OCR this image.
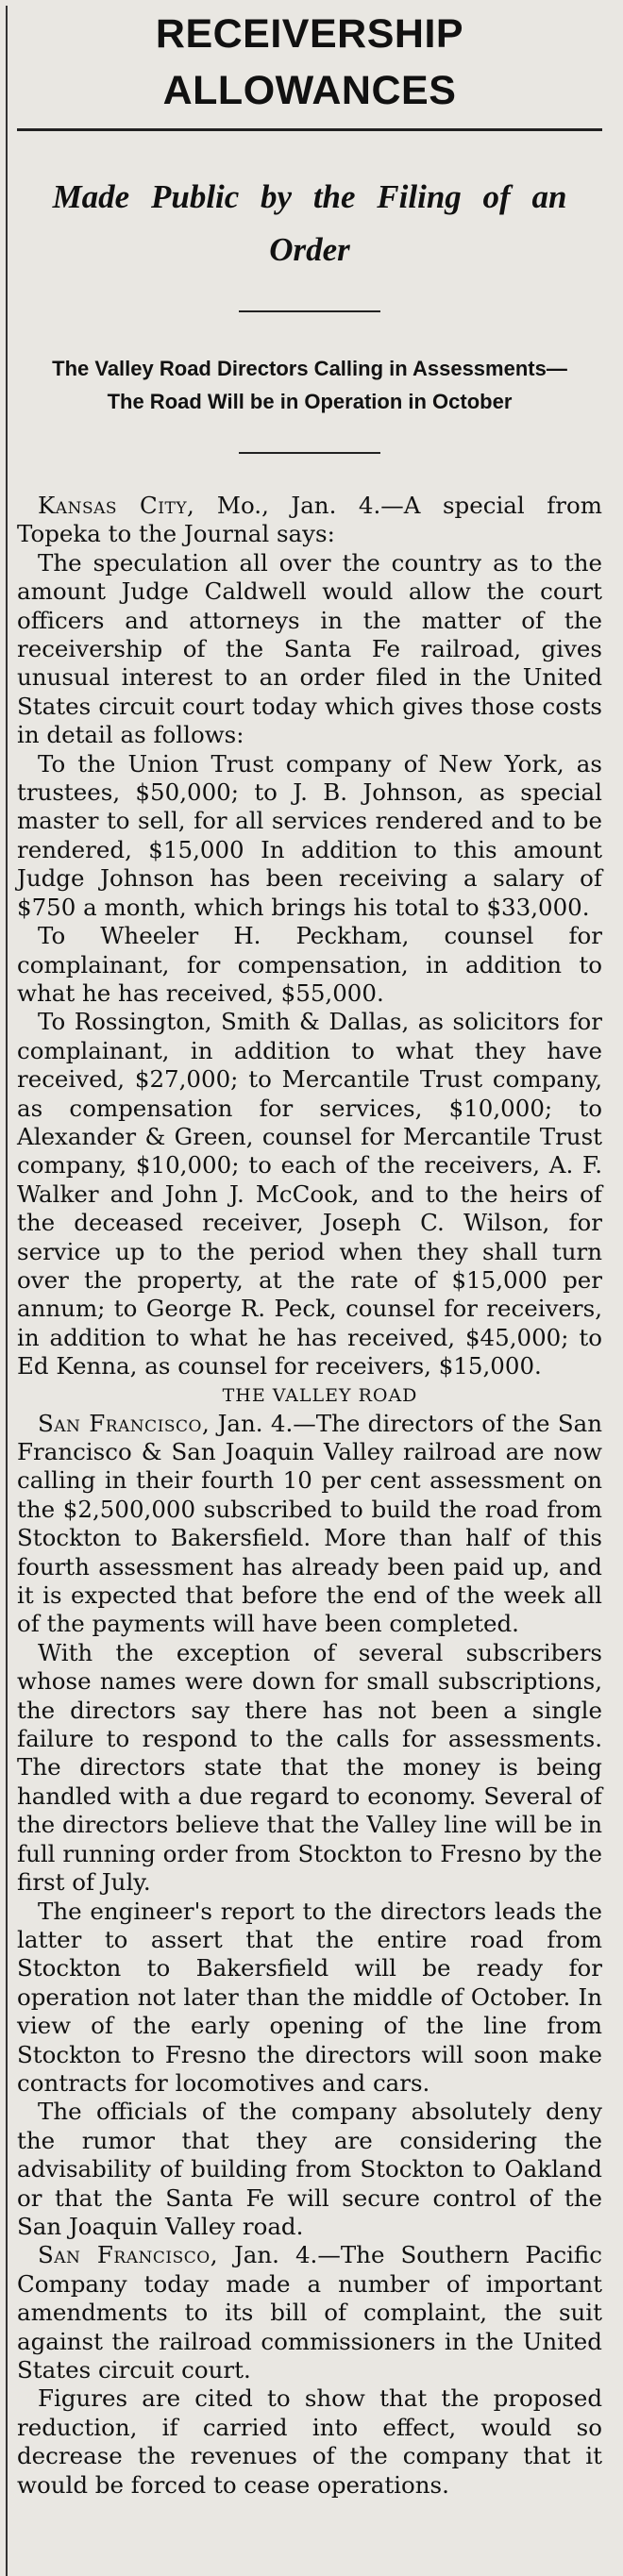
RECEIVERSHIP ALLOWANCES
Made Public by the Filing of an Order
The Valley Road Directors Calling in Assessments—The Road Will be in Operation in October

Kansas City, Mo., Jan. 4.—A special from Topeka to the Journal says:

The speculation all over the country as to the amount Judge Caldwell would allow the court officers and attorneys in the matter of the receivership of the Santa Fe railroad, gives unusual interest to an order filed in the United States circuit court today which gives those costs in detail as follows:

To the Union Trust company of New York, as trustees, $50,000; to J. B. Johnson, as special master to sell, for all services rendered and to be rendered, $15,000 In addition to this amount Judge Johnson has been receiving a salary of $750 a month, which brings his total to $33,000.

To Wheeler H. Peckham, counsel for complainant, for compensation, in addition to what he has received, $55,000.

To Rossington, Smith & Dallas, as solicitors for complainant, in addition to what they have received, $27,000; to Mercantile Trust company, as compensation for services, $10,000; to Alexander & Green, counsel for Mercantile Trust company, $10,000; to each of the receivers, A. F. Walker and John J. McCook, and to the heirs of the deceased receiver, Joseph C. Wilson, for service up to the period when they shall turn over the property, at the rate of $15,000 per annum; to George R. Peck, counsel for receivers, in addition to what he has received, $45,000; to Ed Kenna, as counsel for receivers, $15,000.

THE VALLEY ROAD

San Francisco, Jan. 4.—The directors of the San Francisco & San Joaquin Valley railroad are now calling in their fourth 10 per cent assessment on the $2,500,000 subscribed to build the road from Stockton to Bakersfield. More than half of this fourth assessment has already been paid up, and it is expected that before the end of the week all of the payments will have been completed.

With the exception of several subscribers whose names were down for small subscriptions, the directors say there has not been a single failure to respond to the calls for assessments. The directors state that the money is being handled with a due regard to economy. Several of the directors believe that the Valley line will be in full running order from Stockton to Fresno by the first of July.

The engineer's report to the directors leads the latter to assert that the entire road from Stockton to Bakersfield will be ready for operation not later than the middle of October. In view of the early opening of the line from Stockton to Fresno the directors will soon make contracts for locomotives and cars.

The officials of the company absolutely deny the rumor that they are considering the advisability of building from Stockton to Oakland or that the Santa Fe will secure control of the San Joaquin Valley road.

San Francisco, Jan. 4.—The Southern Pacific Company today made a number of important amendments to its bill of complaint, the suit against the railroad commissioners in the United States circuit court.

Figures are cited to show that the proposed reduction, if carried into effect, would so decrease the revenues of the company that it would be forced to cease operations.
